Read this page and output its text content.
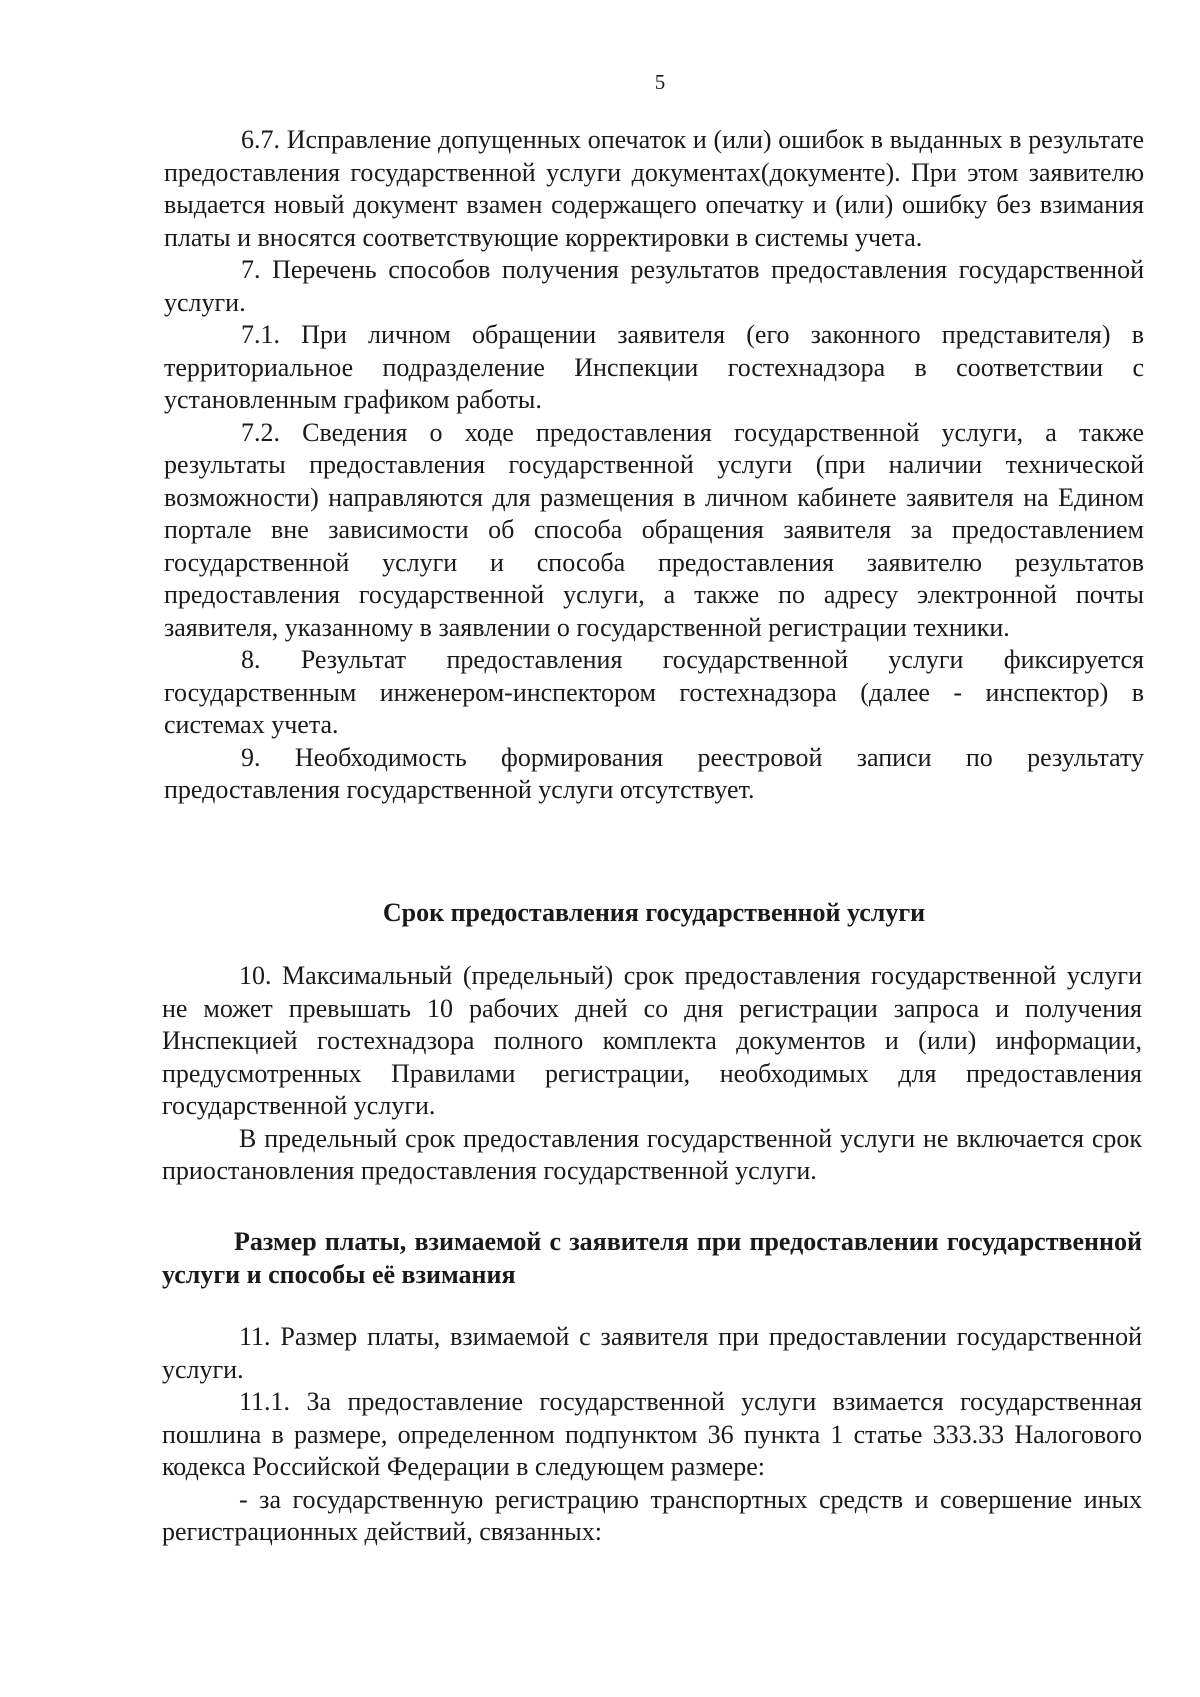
5

6.7. Исправление допущенных опечаток и (или) ошибок в выданных в результате предоставления государственной услуги документах(документе). При этом заявителю выдается новый документ взамен содержащего опечатку и (или) ошибку без взимания платы и вносятся соответствующие корректировки в системы учета.

7. Перечень способов получения результатов предоставления государственной услуги.

7.1. При личном обращении заявителя (его законного представителя) в территориальное подразделение Инспекции гостехнадзора в соответствии с установленным графиком работы.

7.2. Сведения о ходе предоставления государственной услуги, а также результаты предоставления государственной услуги (при наличии технической возможности) направляются для размещения в личном кабинете заявителя на Едином портале вне зависимости об способа обращения заявителя за предоставлением государственной услуги и способа предоставления заявителю результатов предоставления государственной услуги, а также по адресу электронной почты заявителя, указанному в заявлении о государственной регистрации техники.

8. Результат предоставления государственной услуги фиксируется государственным инженером-инспектором гостехнадзора (далее - инспектор) в системах учета.

9. Необходимость формирования реестровой записи по результату предоставления государственной услуги отсутствует.

Срок предоставления государственной услуги

10. Максимальный (предельный) срок предоставления государственной услуги не может превышать 10 рабочих дней со дня регистрации запроса и получения Инспекцией гостехнадзора полного комплекта документов и (или) информации, предусмотренных Правилами регистрации, необходимых для предоставления государственной услуги.

В предельный срок предоставления государственной услуги не включается срок приостановления предоставления государственной услуги.

Размер платы, взимаемой с заявителя при предоставлении государственной услуги и способы её взимания

11. Размер платы, взимаемой с заявителя при предоставлении государственной услуги.

11.1. За предоставление государственной услуги взимается государственная пошлина в размере, определенном подпунктом 36 пункта 1 статье 333.33 Налогового кодекса Российской Федерации в следующем размере:

- за государственную регистрацию транспортных средств и совершение иных регистрационных действий, связанных:
